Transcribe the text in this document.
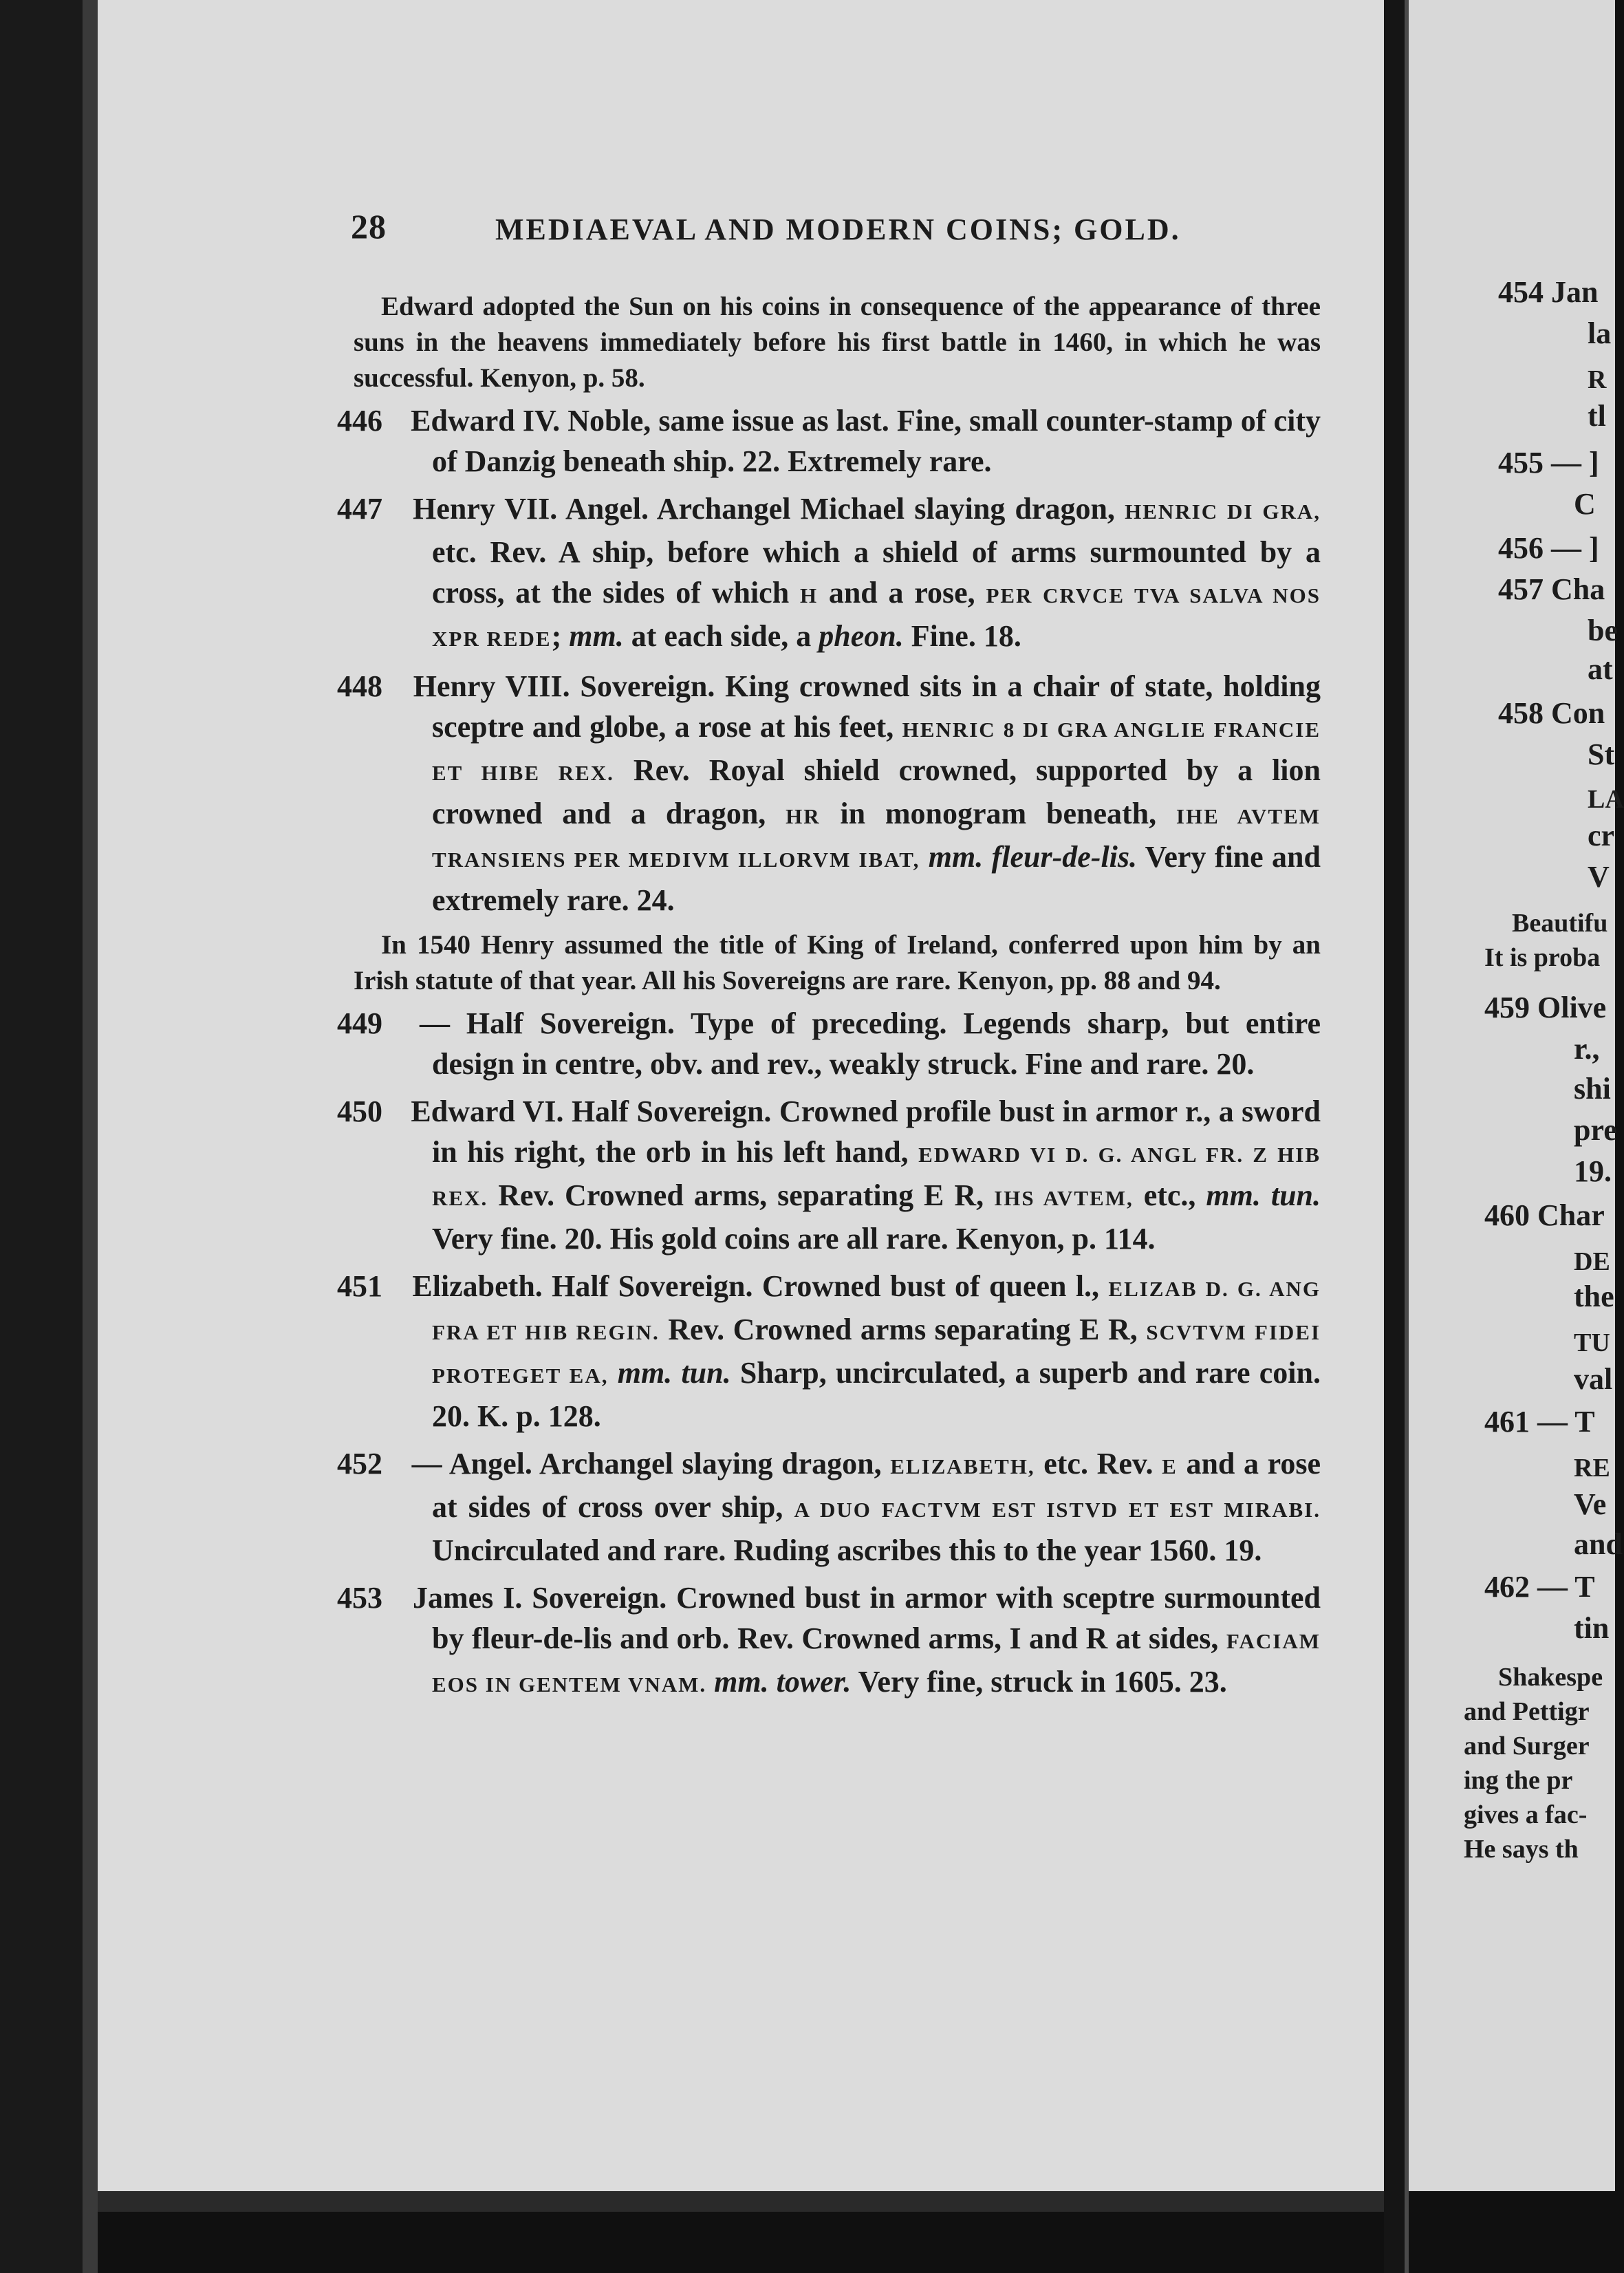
28	MEDIAEVAL AND MODERN COINS; GOLD.

Edward adopted the Sun on his coins in consequence of the appearance of three suns in the heavens immediately before his first battle in 1460, in which he was successful. Kenyon, p. 58.

446 Edward IV. Noble, same issue as last. Fine, small counter-stamp of city of Danzig beneath ship. 22. Extremely rare.

447 Henry VII. Angel. Archangel Michael slaying dragon, HENRIC DI GRA, etc. Rev. A ship, before which a shield of arms surmounted by a cross, at the sides of which H and a rose, PER CRVCE TVA SALVA NOS XPR REDE; mm. at each side, a pheon. Fine. 18.

448 Henry VIII. Sovereign. King crowned sits in a chair of state, holding sceptre and globe, a rose at his feet, HENRIC 8 DI GRA ANGLIE FRANCIE ET HIBE REX. Rev. Royal shield crowned, supported by a lion crowned and a dragon, HR in monogram beneath, IHE AVTEM TRANSIENS PER MEDIVM ILLORVM IBAT, mm. fleur-de-lis. Very fine and extremely rare. 24.

In 1540 Henry assumed the title of King of Ireland, conferred upon him by an Irish statute of that year. All his Sovereigns are rare. Kenyon, pp. 88 and 94.

449 — Half Sovereign. Type of preceding. Legends sharp, but entire design in centre, obv. and rev., weakly struck. Fine and rare. 20.

450 Edward VI. Half Sovereign. Crowned profile bust in armor r., a sword in his right, the orb in his left hand, EDWARD VI D. G. ANGL FR. Z HIB REX. Rev. Crowned arms, separating E R, IHS AVTEM, etc., mm. tun. Very fine. 20. His gold coins are all rare. Kenyon, p. 114.

451 Elizabeth. Half Sovereign. Crowned bust of queen l., ELIZAB D. G. ANG FRA ET HIB REGIN. Rev. Crowned arms separating E R, SCVTVM FIDEI PROTEGET EA, mm. tun. Sharp, uncirculated, a superb and rare coin. 20. K. p. 128.

452 — Angel. Archangel slaying dragon, ELIZABETH, etc. Rev. E and a rose at sides of cross over ship, A DUO FACTVM EST ISTVD ET EST MIRABI. Uncirculated and rare. Ruding ascribes this to the year 1560. 19.

453 James I. Sovereign. Crowned bust in armor with sceptre surmounted by fleur-de-lis and orb. Rev. Crowned arms, I and R at sides, FACIAM EOS IN GENTEM VNAM. mm. tower. Very fine, struck in 1605. 23.

454 Jan
la
R
tl
455 — ]
C
456 — ]
457 Cha
be
at
458 Con
St
LA
cr
V
Beautifu
It is proba
459 Olive
r.,
shi
pre
19.
460 Char
DE
the
TU
val
461 — T
RE
Ve
and
462 — T
tin
Shakespe
and Pettigr
and Surger
ing the pr
gives a fac-
He says th
